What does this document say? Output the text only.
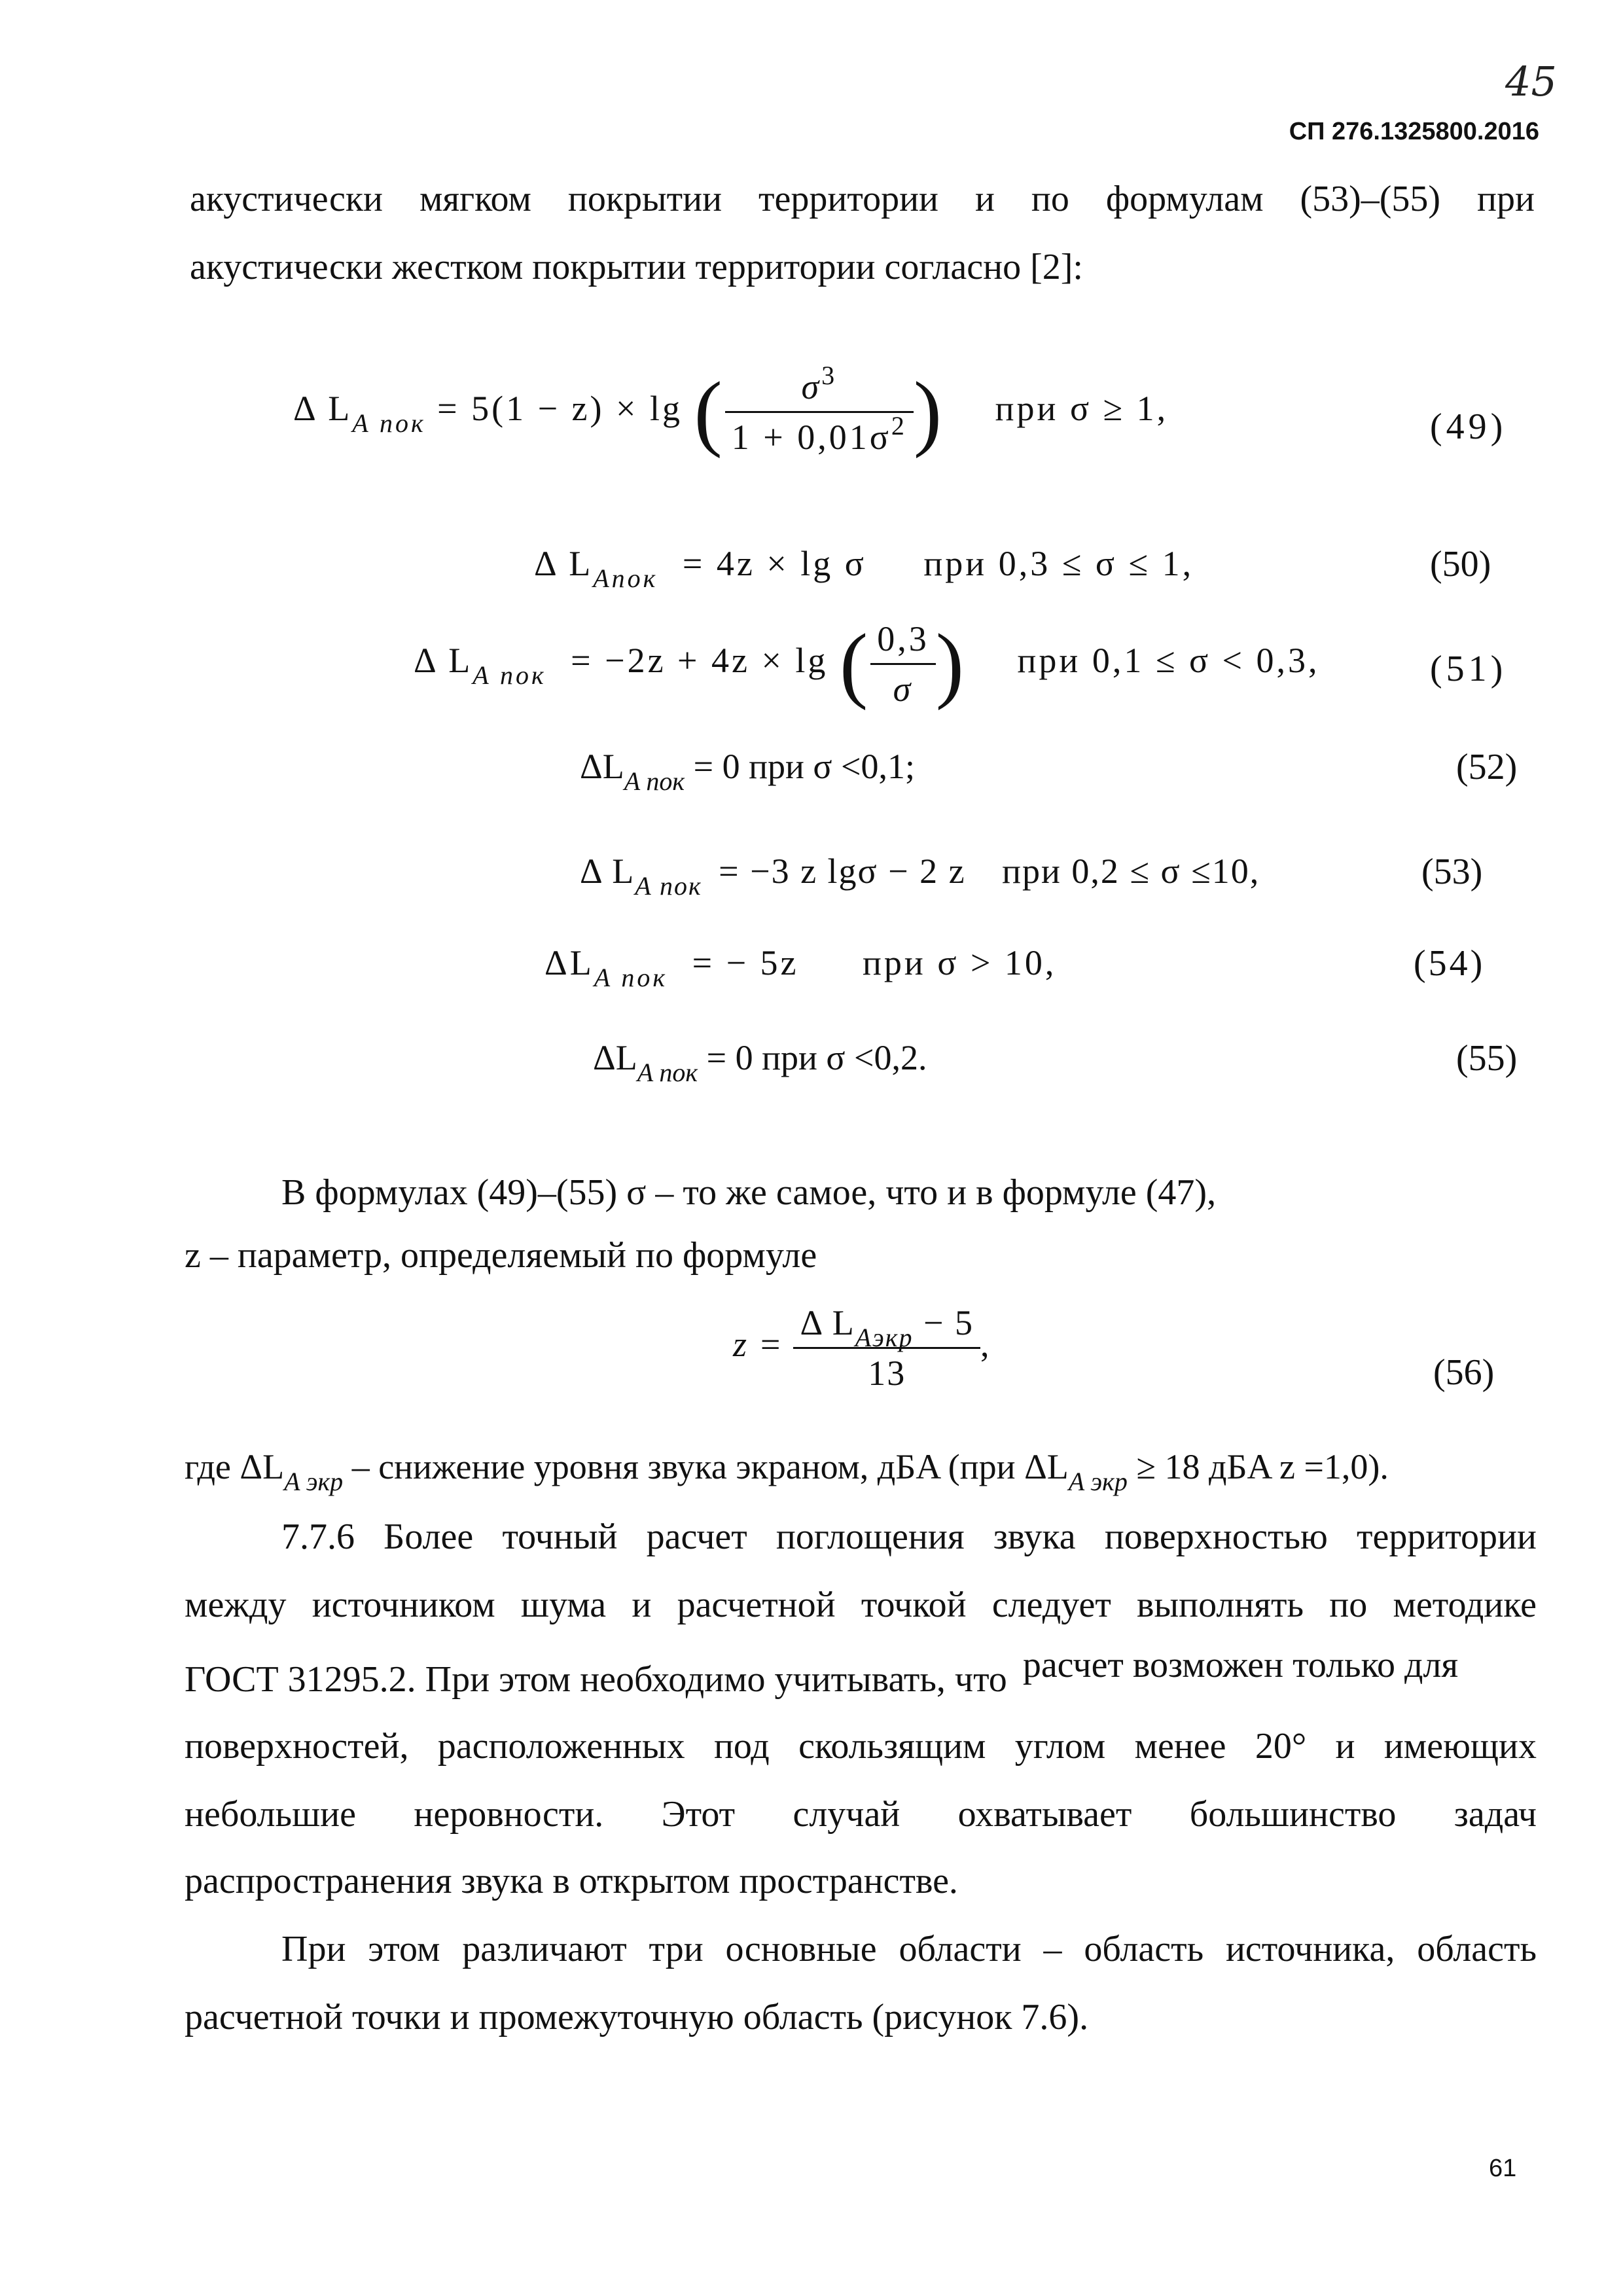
45
СП 276.1325800.2016
акустически мягком покрытии территории и по формулам (53)–(55) при
акустически жестком покрытии территории согласно [2]:
Δ $L_{A пок} = 5(1 - z) \times \lg$ ( $\frac{\sigma^3}{1 + 0,01\sigma^2}$ ) при σ ≥ 1,	(49)
Δ $L_{Aпок} = 4z \times \lg \sigma$ при 0,3 ≤ σ ≤ 1,	(50)
Δ $L_{A пок} = -2z + 4z \times \lg$ ( $\frac{0,3}{\sigma}$ ) при 0,1 ≤ σ < 0,3,	(51)
$\Delta L_{A пок} = 0$ при σ <0,1;	(52)
Δ $L_{A пок} = -3$ z lgσ − 2 z при 0,2 ≤ σ ≤10,	(53)
$\Delta L_{A пок}$ = − 5z при σ > 10,	(54)
$\Delta L_{A пок} = 0$ при σ <0,2.	(55)
В формулах (49)–(55) σ – то же самое, что и в формуле (47),
z – параметр, определяемый по формуле
$z = \frac{\Delta L_{Aэкр} - 5}{13}$ ,
(56)
где $\Delta L_{A экр}$ – снижение уровня звука экраном, дБA (при $\Delta L_{A экр} \ge 18$ дБA z =1,0).
7.7.6 Более точный расчет поглощения звука поверхностью территории
между источником шума и расчетной точкой следует выполнять по методике
ГОСТ 31295.2. При этом необходимо учитывать, что расчет возможен только для
поверхностей, расположенных под скользящим углом менее 20° и имеющих
небольшие неровности. Этот случай охватывает большинство задач
распространения звука в открытом пространстве.
При этом различают три основные области – область источника, область
расчетной точки и промежуточную область (рисунок 7.6).
61
